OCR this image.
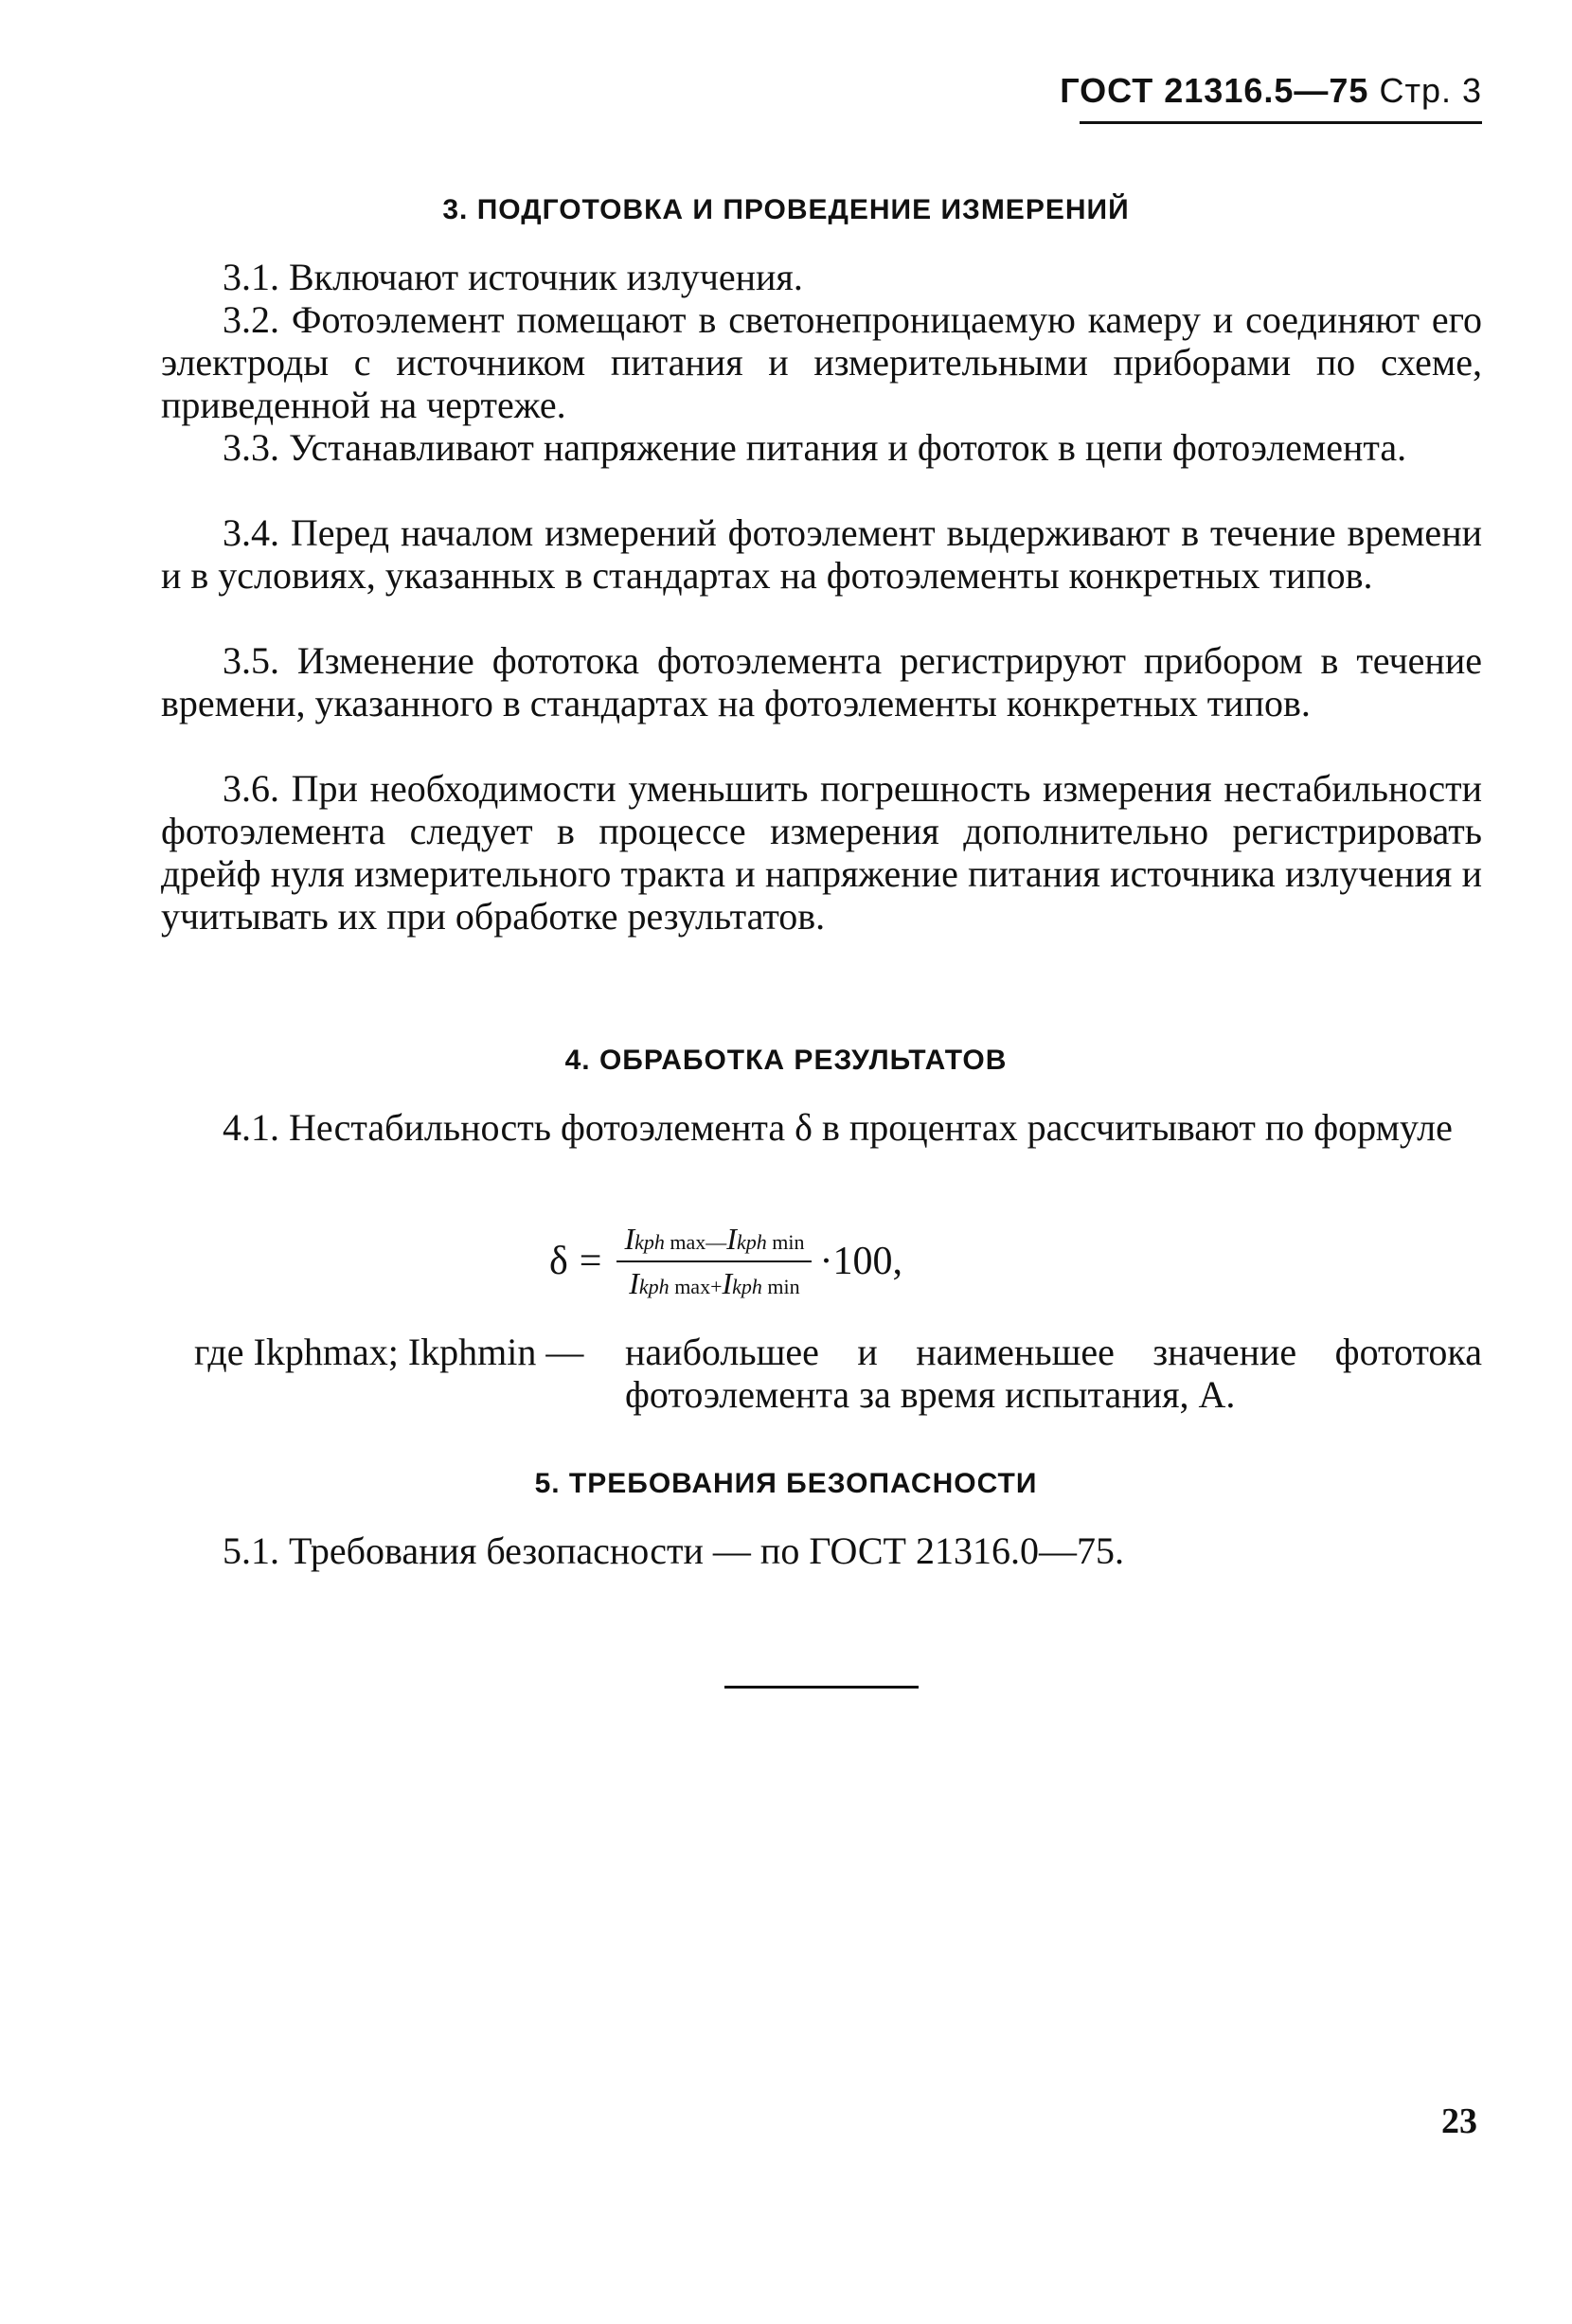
ГОСТ 21316.5—75 Стр. 3
3. ПОДГОТОВКА И ПРОВЕДЕНИЕ ИЗМЕРЕНИЙ

3.1. Включают источник излучения.

3.2. Фотоэлемент помещают в светонепроницаемую камеру и соединяют его электроды с источником питания и измерительными приборами по схеме, приведенной на чертеже.

3.3. Устанавливают напряжение питания и фототок в цепи фотоэлемента.

3.4. Перед началом измерений фотоэлемент выдерживают в течение времени и в условиях, указанных в стандартах на фотоэлементы конкретных типов.

3.5. Изменение фототока фотоэлемента регистрируют прибором в течение времени, указанного в стандартах на фотоэлементы конкретных типов.

3.6. При необходимости уменьшить погрешность измерения нестабильности фотоэлемента следует в процессе измерения дополнительно регистрировать дрейф нуля измерительного тракта и напряжение питания источника излучения и учитывать их при обработке результатов.

4. ОБРАБОТКА РЕЗУЛЬТАТОВ

4.1. Нестабильность фотоэлемента δ в процентах рассчитывают по формуле

$\delta = \frac{\text{Ikph max—Ikph min}}{\text{Ikph max+Ikph min}} \cdot 100$,
где Ikphmax; Ikphmin — наибольшее и наименьшее значение фототока фотоэлемента за время испытания, А.
5. ТРЕБОВАНИЯ БЕЗОПАСНОСТИ

5.1. Требования безопасности — по ГОСТ 21316.0—75.

23
